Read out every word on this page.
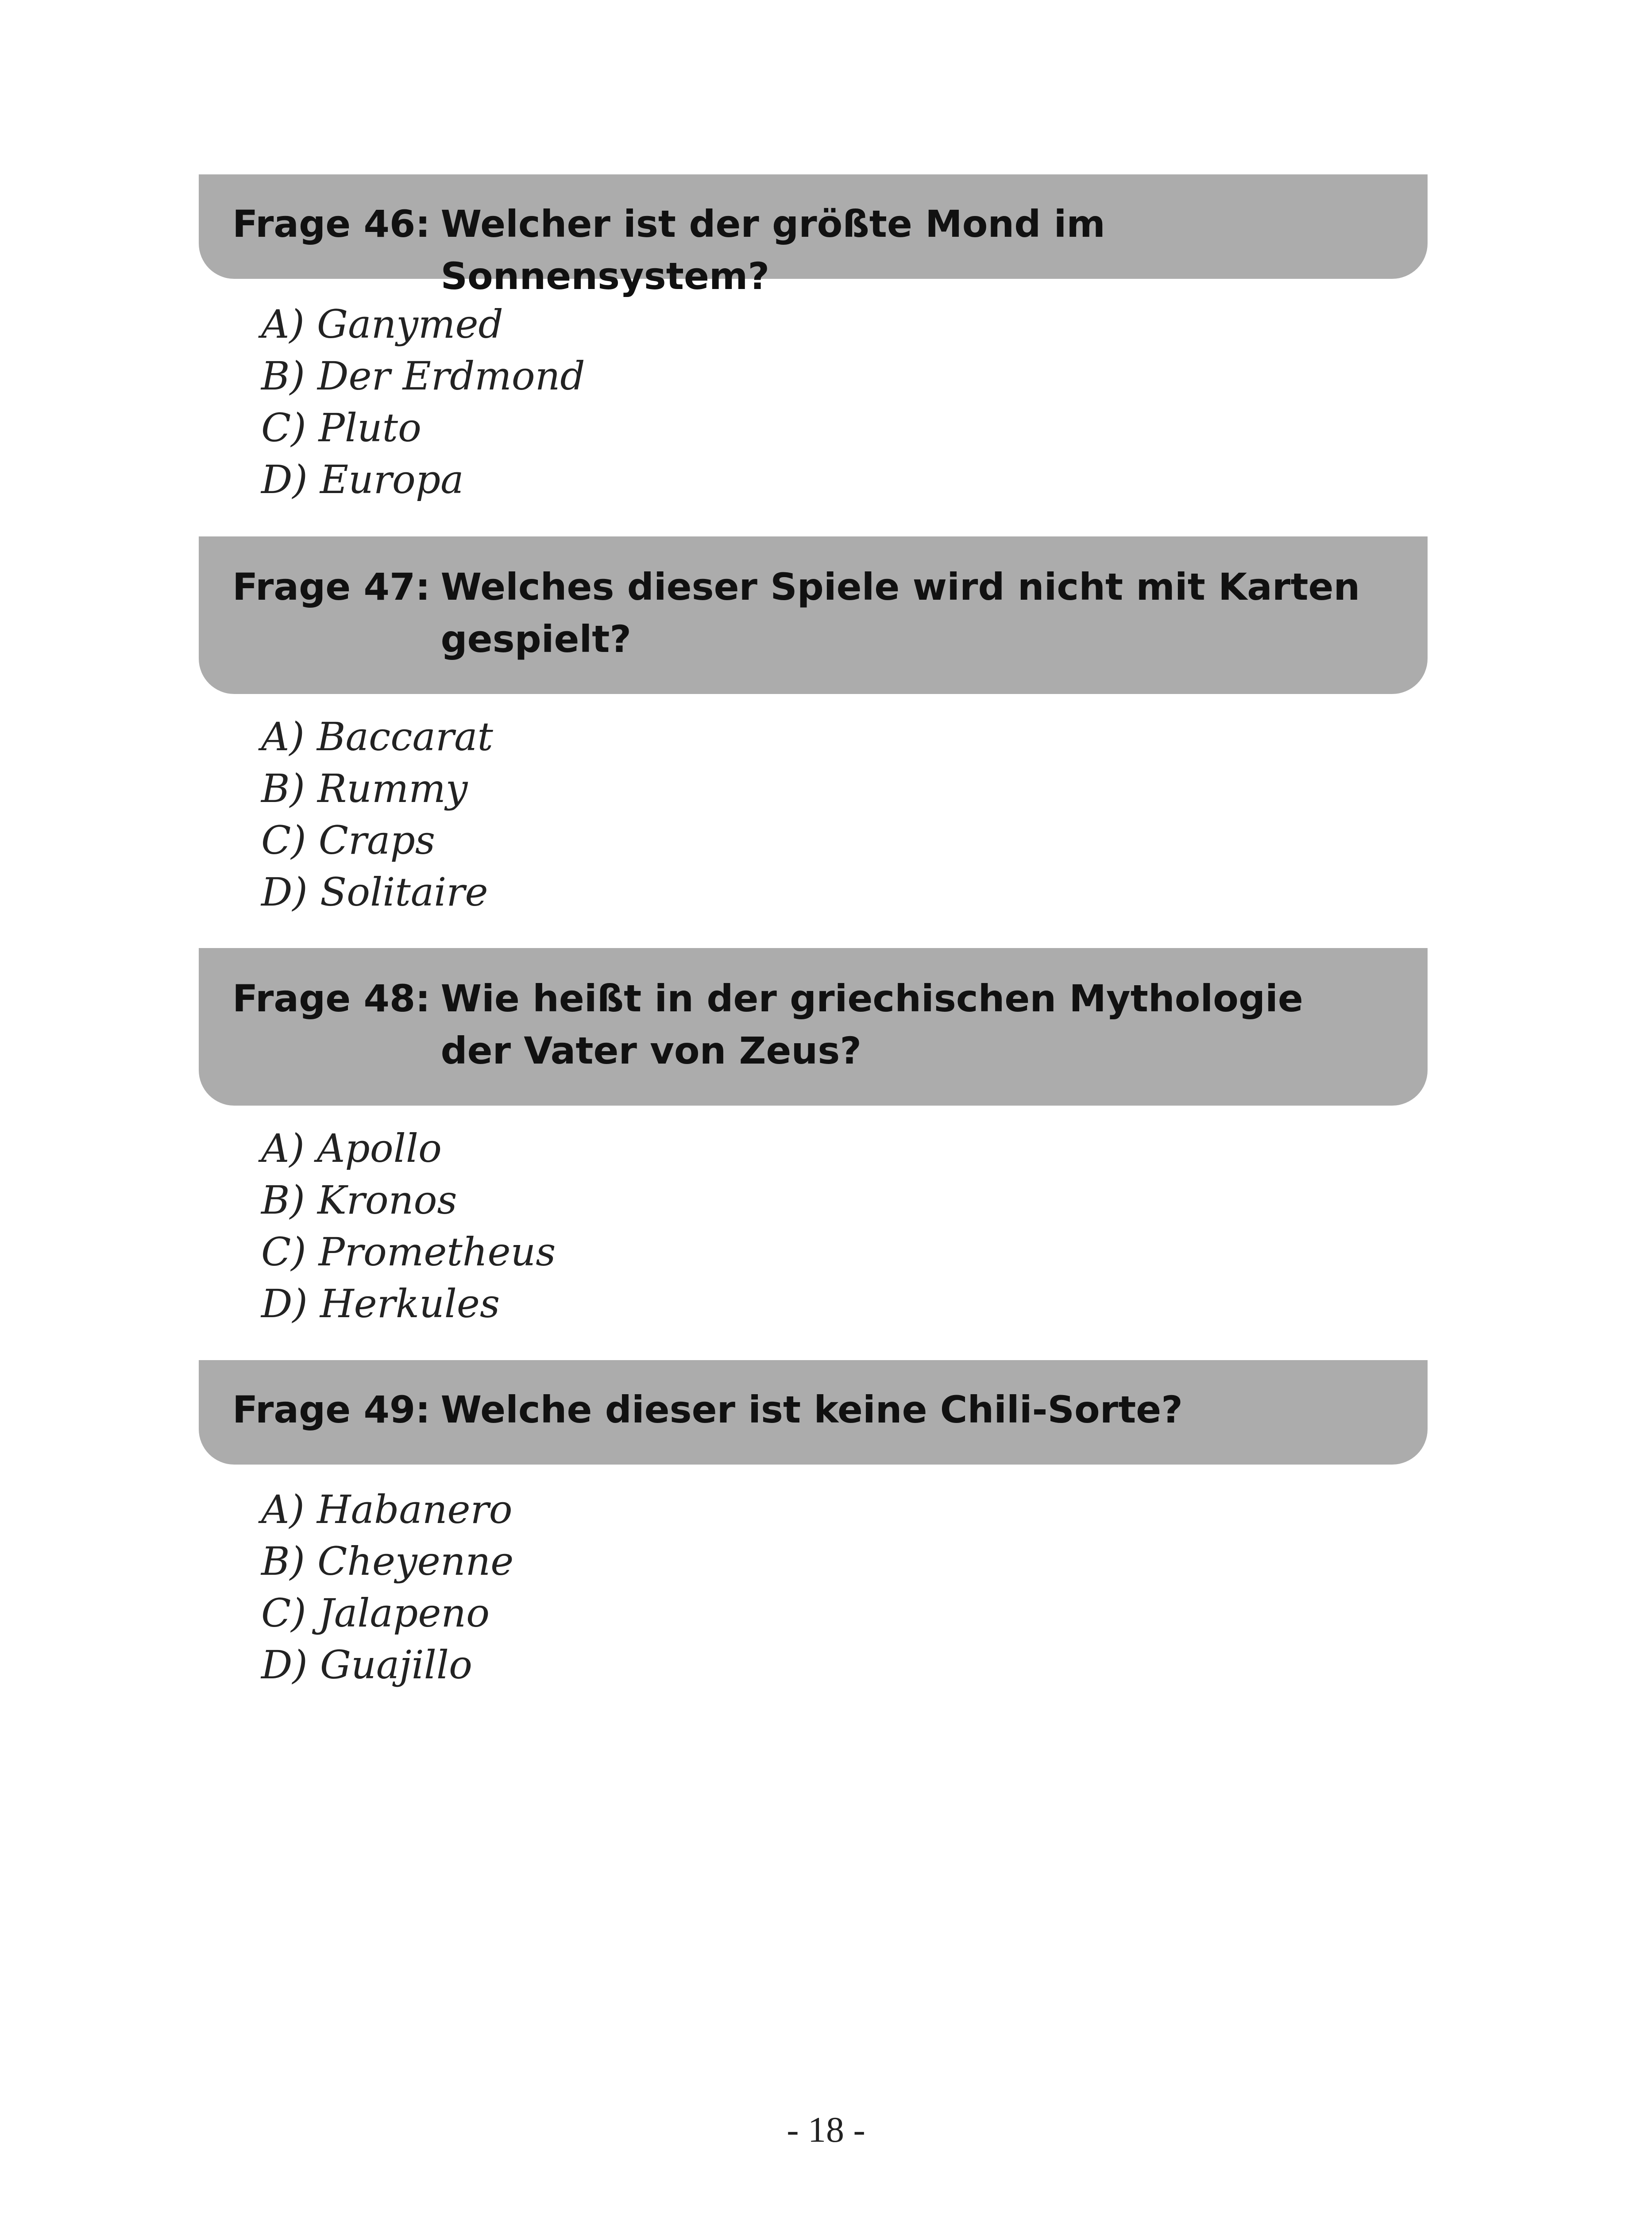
Frage 46: Welcher ist der größte Mond im Sonnensystem?
A) Ganymed
B) Der Erdmond
C) Pluto
D) Europa
Frage 47: Welches dieser Spiele wird nicht mit Karten
gespielt?
A) Baccarat
B) Rummy
C) Craps
D) Solitaire
Frage 48: Wie heißt in der griechischen Mythologie
der Vater von Zeus?
A) Apollo
B) Kronos
C) Prometheus
D) Herkules
Frage 49: Welche dieser ist keine Chili-Sorte?
A) Habanero
B) Cheyenne
C) Jalapeno
D) Guajillo
- 18 -
